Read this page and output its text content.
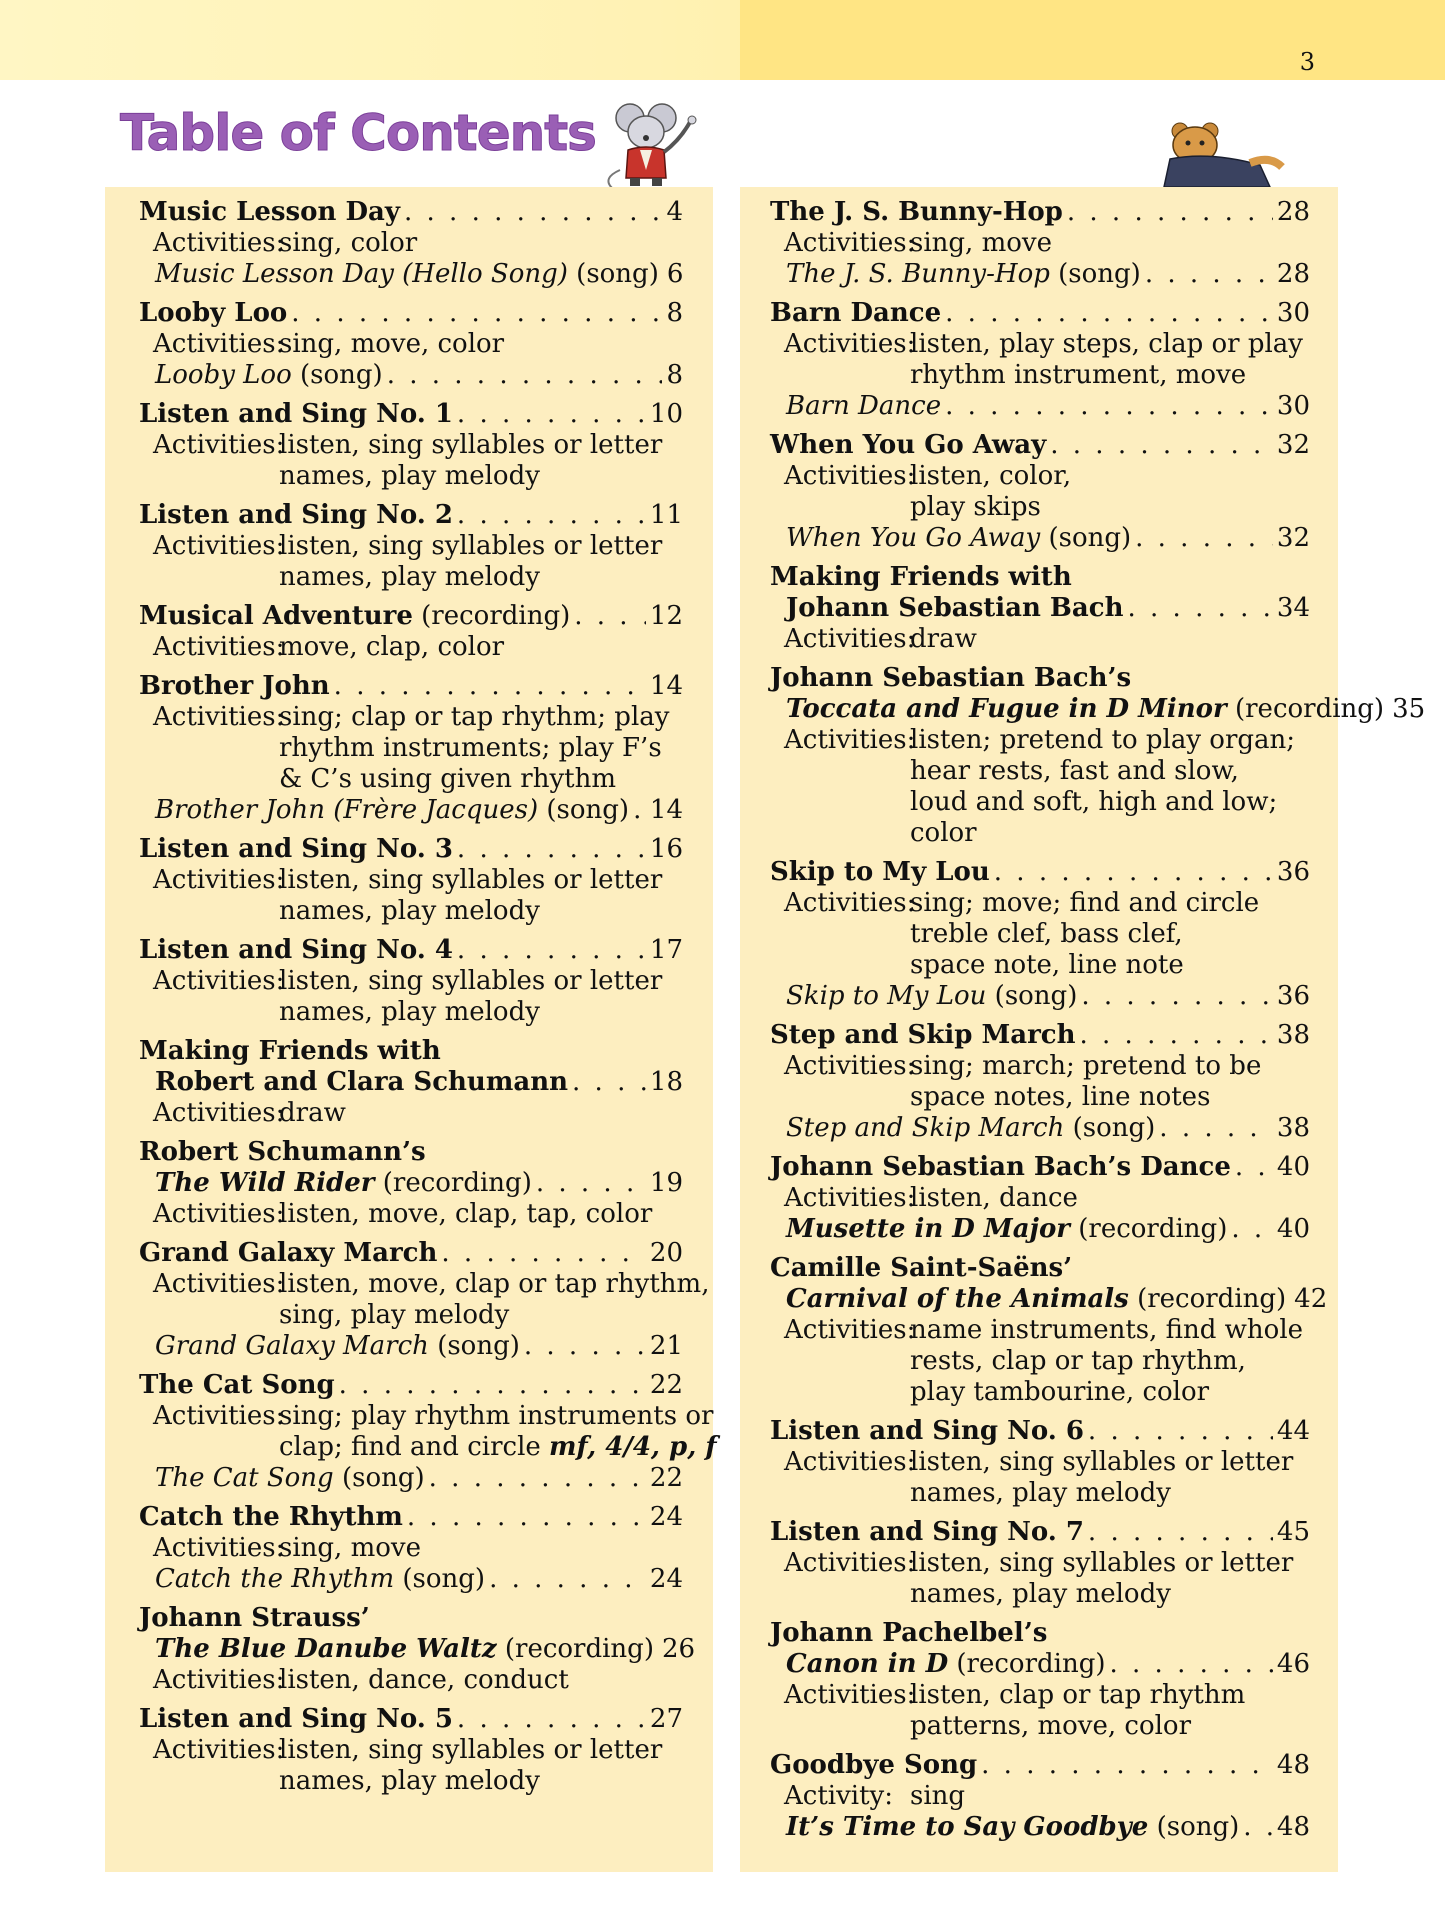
3
Table of Contents
Music Lesson Day . . .	4
Activities:
sing, color
Music Lesson Day (Hello Song) (song) 6
Looby Loo . . .	8
Activities:
sing, move, color
Looby Loo (song) . . .	8
Listen and Sing No. 1 . . .	10
Activities:
listen, sing syllables or letter
names, play melody
Listen and Sing No. 2 . . .	11
Activities:
listen, sing syllables or letter
names, play melody
Musical Adventure (recording) . . .	12
Activities:
move, clap, color
Brother John . . .	14
Activities:
sing; clap or tap rhythm; play
rhythm instruments; play F’s
& C’s using given rhythm
Brother John (Frère Jacques) (song) . . . 14
Listen and Sing No. 3 . . .	16
Activities:
listen, sing syllables or letter
names, play melody
Listen and Sing No. 4 . . .	17
Activities:
listen, sing syllables or letter
names, play melody
Making Friends with
Robert and Clara Schumann . . .	18
Activities:
draw
Robert Schumann’s
The Wild Rider (recording) . . .	19
Activities:
listen, move, clap, tap, color
Grand Galaxy March . . .	20
Activities:
listen, move, clap or tap rhythm,
sing, play melody
Grand Galaxy March (song) . . .	21
The Cat Song . . .	22
Activities:
sing; play rhythm instruments or
clap; find and circle mf, 4/4, p, f
The Cat Song (song) . . .	22
Catch the Rhythm . . .	24
Activities:
sing, move
Catch the Rhythm (song) . . .	24
Johann Strauss’
The Blue Danube Waltz (recording) 26
Activities:
listen, dance, conduct
Listen and Sing No. 5 . . .	27
Activities:
listen, sing syllables or letter
names, play melody
The J. S. Bunny-Hop . . .	28
Activities:
sing, move
The J. S. Bunny-Hop (song) . . .	28
Barn Dance . . .	30
Activities:
listen, play steps, clap or play
rhythm instrument, move
Barn Dance . . .	30
When You Go Away . . .	32
Activities:
listen, color,
play skips
When You Go Away (song) . . .	32
Making Friends with
Johann Sebastian Bach . . .	34
Activities:
draw
Johann Sebastian Bach’s
Toccata and Fugue in D Minor (recording) 35
Activities:
listen; pretend to play organ;
hear rests, fast and slow,
loud and soft, high and low;
color
Skip to My Lou . . .	36
Activities:
sing; move; find and circle
treble clef, bass clef,
space note, line note
Skip to My Lou (song) . . .	36
Step and Skip March . . .	38
Activities:
sing; march; pretend to be
space notes, line notes
Step and Skip March (song) . . .	38
Johann Sebastian Bach’s Dance . . . 40
Activities:
listen, dance
Musette in D Major (recording) . . . 40
Camille Saint-Saëns’
Carnival of the Animals (recording) 42
Activities:
name instruments, find whole
rests, clap or tap rhythm,
play tambourine, color
Listen and Sing No. 6 . . .	44
Activities:
listen, sing syllables or letter
names, play melody
Listen and Sing No. 7 . . .	45
Activities:
listen, sing syllables or letter
names, play melody
Johann Pachelbel’s
Canon in D (recording) . . .	46
Activities:
listen, clap or tap rhythm
patterns, move, color
Goodbye Song . . .	48
Activity: sing
It’s Time to Say Goodbye (song) . . . 48
